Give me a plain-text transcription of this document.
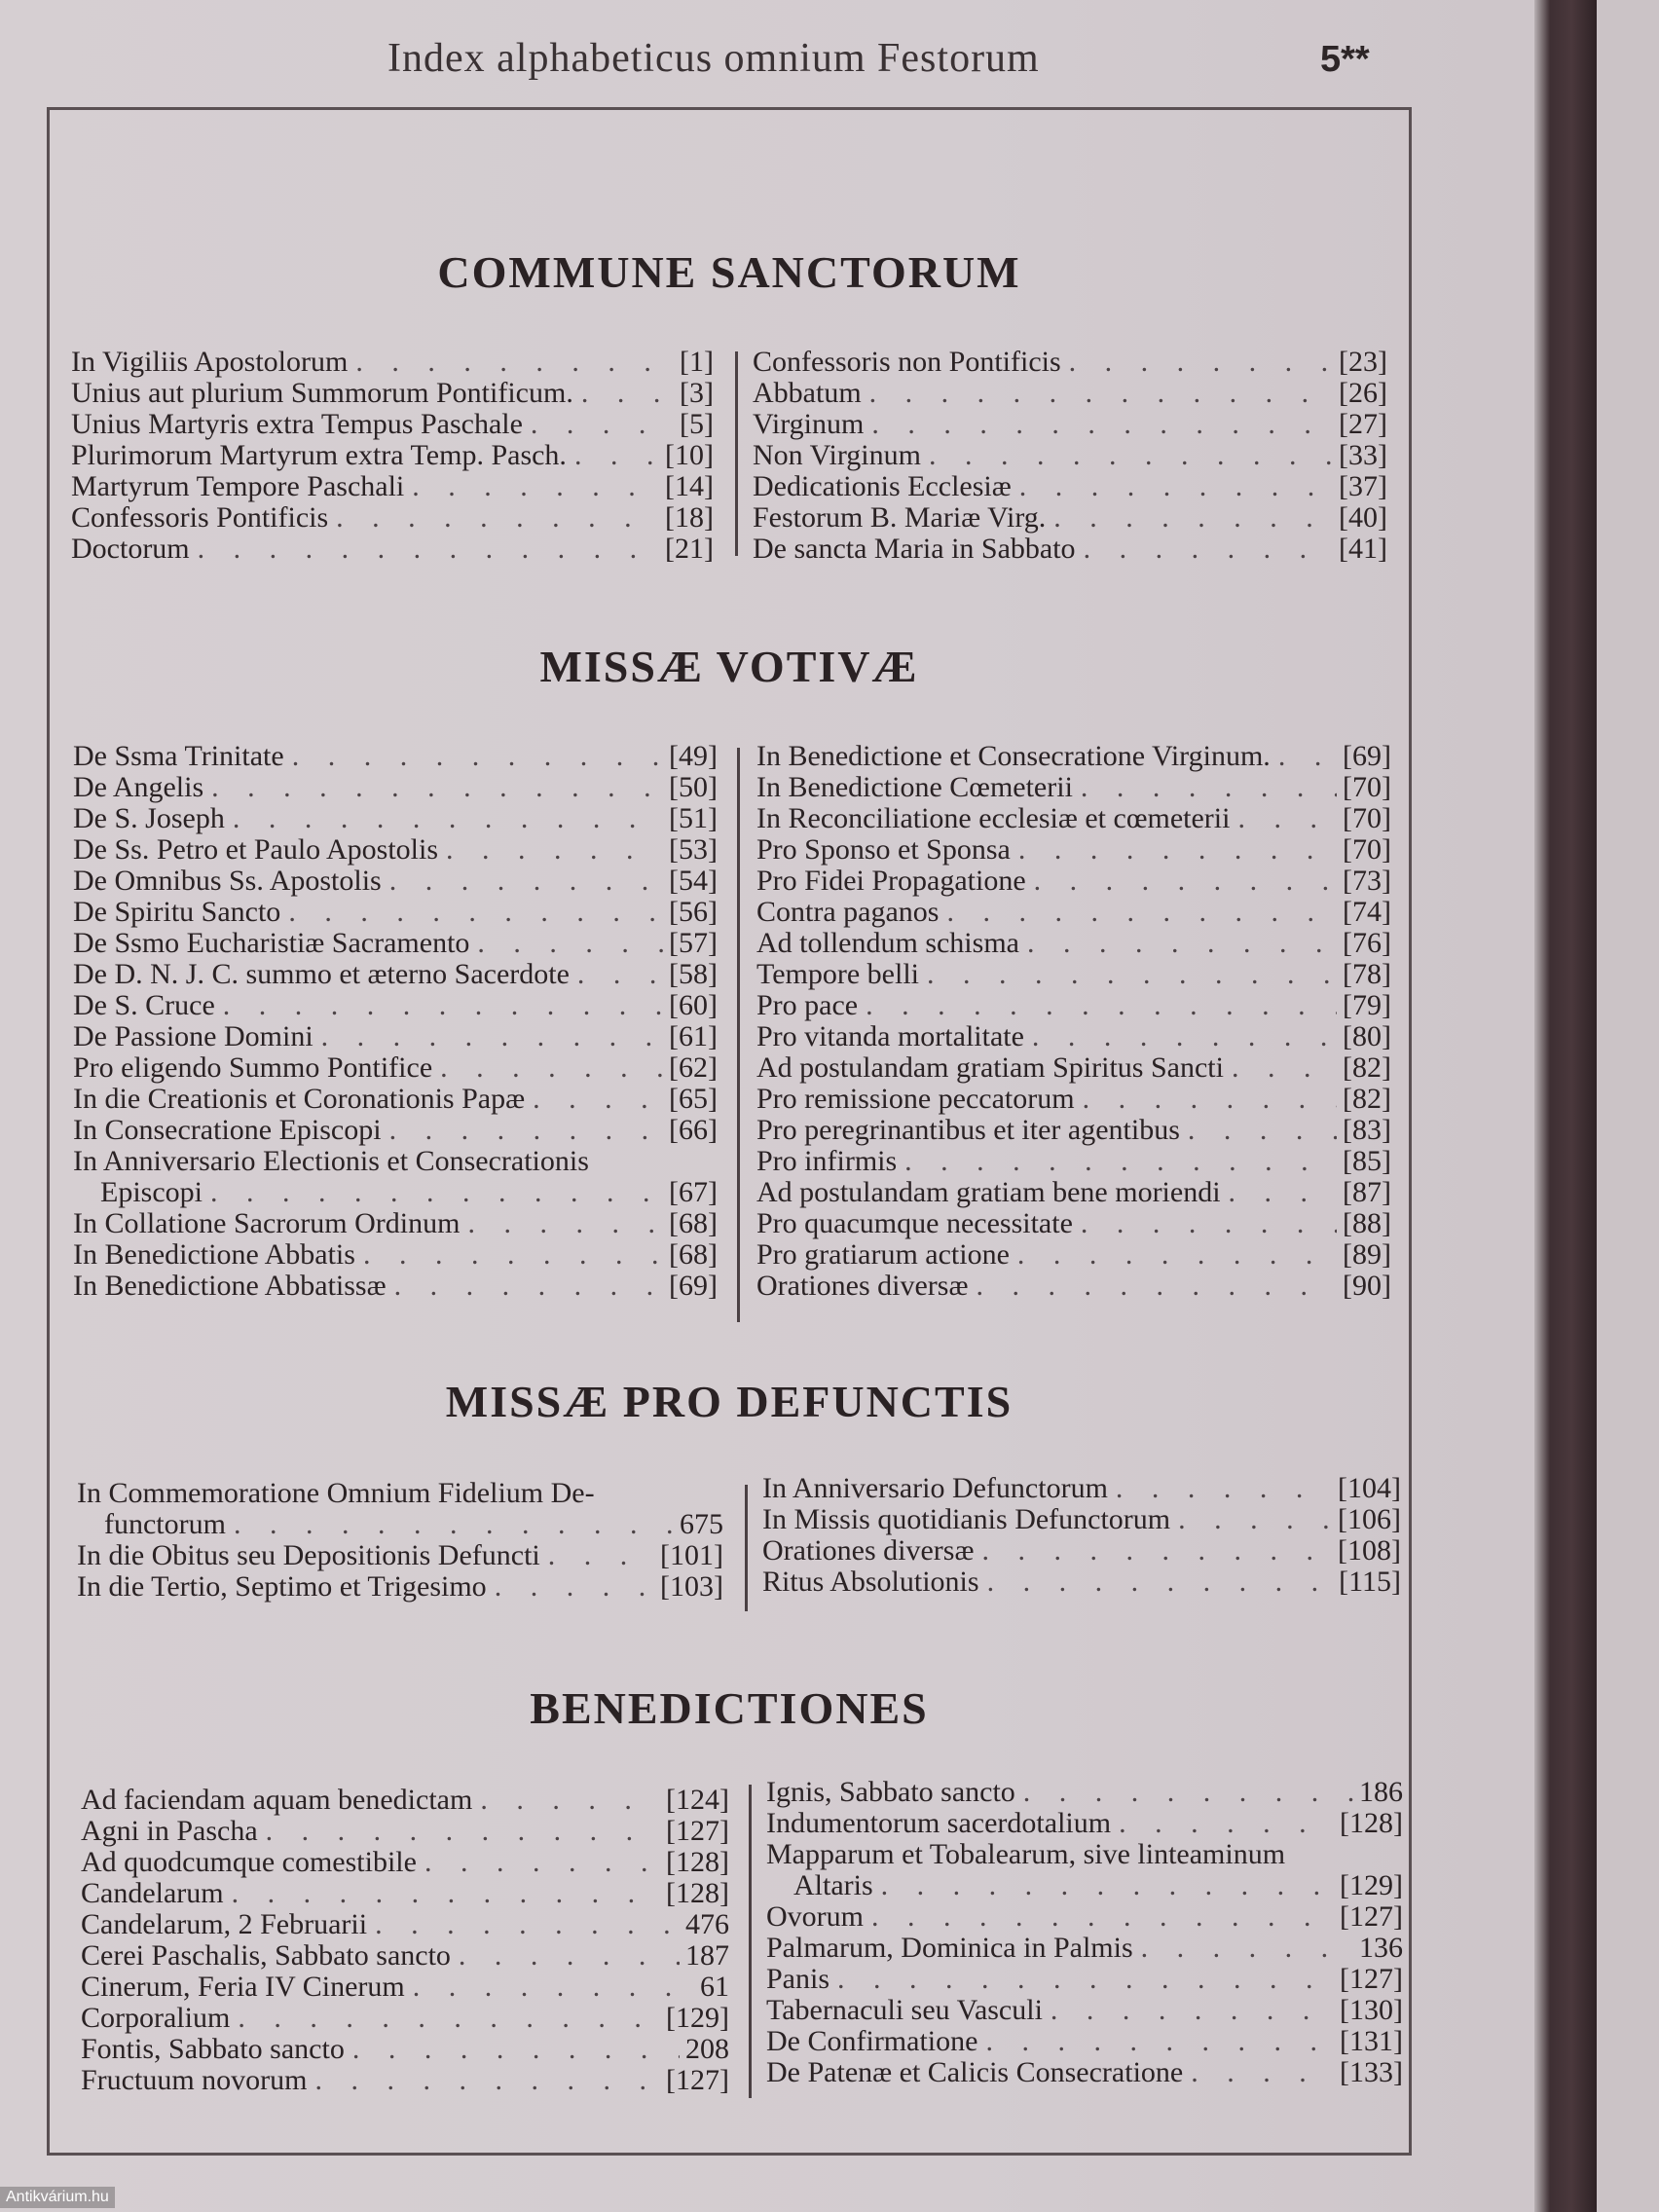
Index alphabeticus omnium Festorum	5**
COMMUNE SANCTORUM
In Vigiliis Apostolorum . . .	[1]
Unius aut plurium Summorum Pontificum. . . .	[3]
Unius Martyris extra Tempus Paschale . . .	[5]
Plurimorum Martyrum extra Temp. Pasch. . . .	[10]
Martyrum Tempore Paschali . . .	[14]
Confessoris Pontificis . . .	[18]
Doctorum . . .	[21]
Confessoris non Pontificis . . .	[23]
Abbatum . . .	[26]
Virginum . . .	[27]
Non Virginum . . .	[33]
Dedicationis Ecclesiæ . . .	[37]
Festorum B. Mariæ Virg. . . .	[40]
De sancta Maria in Sabbato . . .	[41]
MISSÆ VOTIVÆ
De Ssma Trinitate . . .	[49]
De Angelis . . .	[50]
De S. Joseph . . .	[51]
De Ss. Petro et Paulo Apostolis . . .	[53]
De Omnibus Ss. Apostolis . . .	[54]
De Spiritu Sancto . . .	[56]
De Ssmo Eucharistiæ Sacramento . . .	[57]
De D. N. J. C. summo et æterno Sacerdote . . .	[58]
De S. Cruce . . .	[60]
De Passione Domini . . .	[61]
Pro eligendo Summo Pontifice . . .	[62]
In die Creationis et Coronationis Papæ . . .	[65]
In Consecratione Episcopi . . .	[66]
In Anniversario Electionis et Consecrationis
Episcopi . . .	[67]
In Collatione Sacrorum Ordinum . . .	[68]
In Benedictione Abbatis . . .	[68]
In Benedictione Abbatissæ . . .	[69]
In Benedictione et Consecratione Virginum. . . . [69]
In Benedictione Cœmeterii . . .	[70]
In Reconciliatione ecclesiæ et cœmeterii . . .	[70]
Pro Sponso et Sponsa . . .	[70]
Pro Fidei Propagatione . . .	[73]
Contra paganos . . .	[74]
Ad tollendum schisma . . .	[76]
Tempore belli . . .	[78]
Pro pace . . .	[79]
Pro vitanda mortalitate . . .	[80]
Ad postulandam gratiam Spiritus Sancti . . .	[82]
Pro remissione peccatorum . . .	[82]
Pro peregrinantibus et iter agentibus . . .	[83]
Pro infirmis . . .	[85]
Ad postulandam gratiam bene moriendi . . .	[87]
Pro quacumque necessitate . . .	[88]
Pro gratiarum actione . . .	[89]
Orationes diversæ . . .	[90]
MISSÆ PRO DEFUNCTIS
In Commemoratione Omnium Fidelium De-
functorum . . .	675
In die Obitus seu Depositionis Defuncti . . .	[101]
In die Tertio, Septimo et Trigesimo . . .	[103]
In Anniversario Defunctorum . . .	[104]
In Missis quotidianis Defunctorum . . .	[106]
Orationes diversæ . . .	[108]
Ritus Absolutionis . . .	[115]
BENEDICTIONES
Ad faciendam aquam benedictam . . .	[124]
Agni in Pascha . . .	[127]
Ad quodcumque comestibile . . .	[128]
Candelarum . . .	[128]
Candelarum, 2 Februarii . . .	476
Cerei Paschalis, Sabbato sancto . . .	187
Cinerum, Feria IV Cinerum . . .	61
Corporalium . . .	[129]
Fontis, Sabbato sancto . . .	208
Fructuum novorum . . .	[127]
Ignis, Sabbato sancto . . .	186
Indumentorum sacerdotalium . . .	[128]
Mapparum et Tobalearum, sive linteaminum
Altaris . . .	[129]
Ovorum . . .	[127]
Palmarum, Dominica in Palmis . . .	136
Panis . . .	[127]
Tabernaculi seu Vasculi . . .	[130]
De Confirmatione . . .	[131]
De Patenæ et Calicis Consecratione . . .	[133]
Antikvárium.hu
